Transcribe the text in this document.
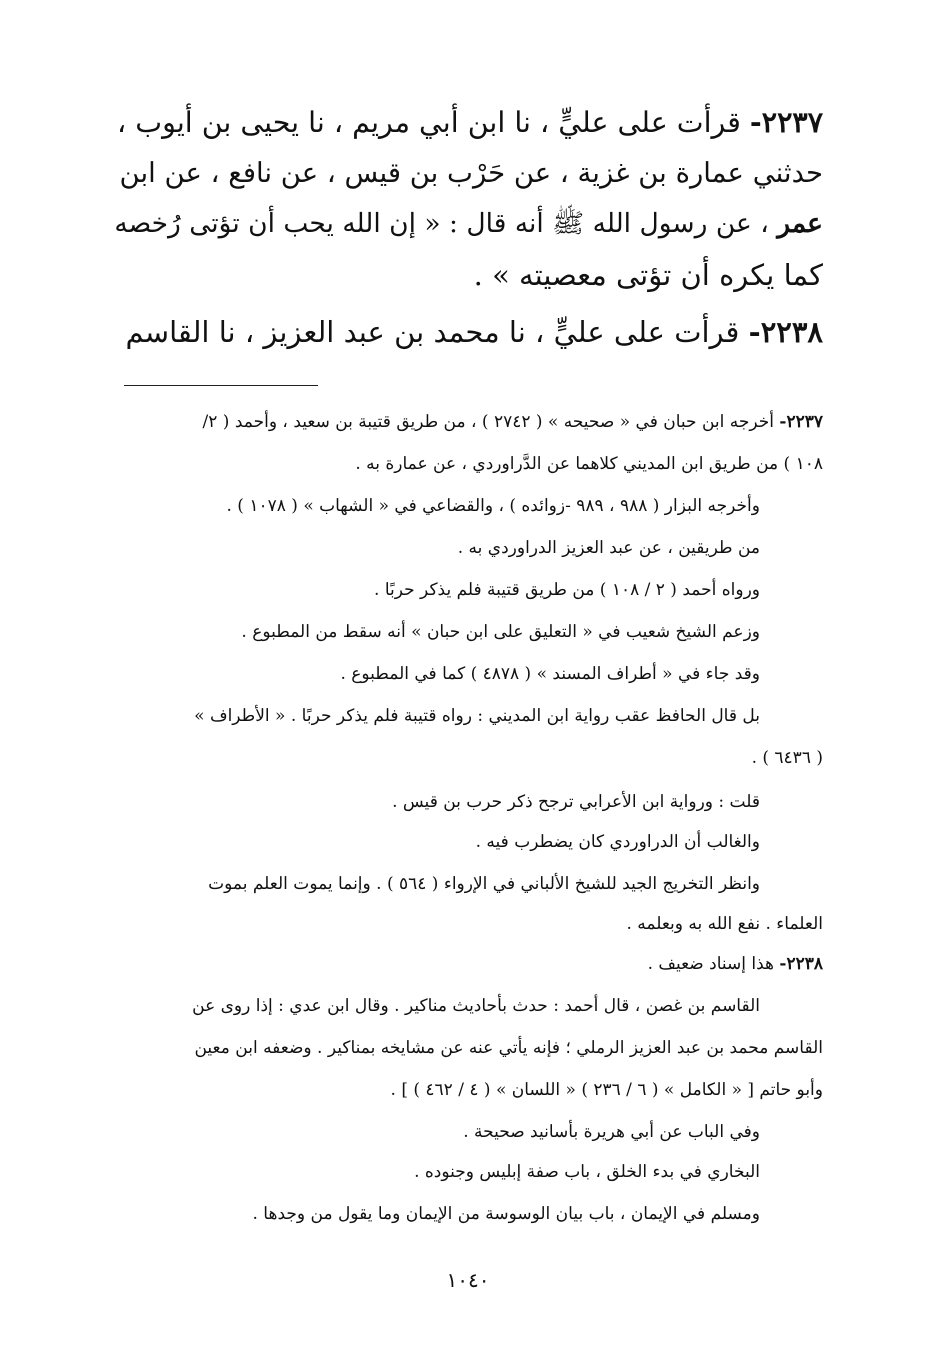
٢٢٣٧- قرأت على عليٍّ ، نا ابن أبي مريم ، نا يحيى بن أيوب ،
حدثني عمارة بن غزية ، عن حَرْب بن قيس ، عن نافع ، عن ابن
عمر ، عن رسول الله ﷺ أنه قال : « إن الله يحب أن تؤتى رُخصه
كما يكره أن تؤتى معصيته » .
٢٢٣٨- قرأت على عليٍّ ، نا محمد بن عبد العزيز ، نا القاسم
٢٢٣٧- أخرجه ابن حبان في « صحيحه » ( ٢٧٤٢ ) ، من طريق قتيبة بن سعيد ، وأحمد ( ٢/
١٠٨ ) من طريق ابن المديني كلاهما عن الدَّراوردي ، عن عمارة به .
وأخرجه البزار ( ٩٨٨ ، ٩٨٩ -زوائده ) ، والقضاعي في « الشهاب » ( ١٠٧٨ ) .
من طريقين ، عن عبد العزيز الدراوردي به .
ورواه أحمد ( ٢ / ١٠٨ ) من طريق قتيبة فلم يذكر حربًا .
وزعم الشيخ شعيب في « التعليق على ابن حبان » أنه سقط من المطبوع .
وقد جاء في « أطراف المسند » ( ٤٨٧٨ ) كما في المطبوع .
بل قال الحافظ عقب رواية ابن المديني : رواه قتيبة فلم يذكر حربًا . « الأطراف »
( ٦٤٣٦ ) .
قلت : ورواية ابن الأعرابي ترجح ذكر حرب بن قيس .
والغالب أن الدراوردي كان يضطرب فيه .
وانظر التخريج الجيد للشيخ الألباني في الإرواء ( ٥٦٤ ) . وإنما يموت العلم بموت
العلماء . نفع الله به وبعلمه .
٢٢٣٨- هذا إسناد ضعيف .
القاسم بن غصن ، قال أحمد : حدث بأحاديث مناكير . وقال ابن عدي : إذا روى عن
القاسم محمد بن عبد العزيز الرملي ؛ فإنه يأتي عنه عن مشايخه بمناكير . وضعفه ابن معين
وأبو حاتم [ « الكامل » ( ٦ / ٢٣٦ ) « اللسان » ( ٤ / ٤٦٢ ) ] .
وفي الباب عن أبي هريرة بأسانيد صحيحة .
البخاري في بدء الخلق ، باب صفة إبليس وجنوده .
ومسلم في الإيمان ، باب بيان الوسوسة من الإيمان وما يقول من وجدها .
١٠٤٠
